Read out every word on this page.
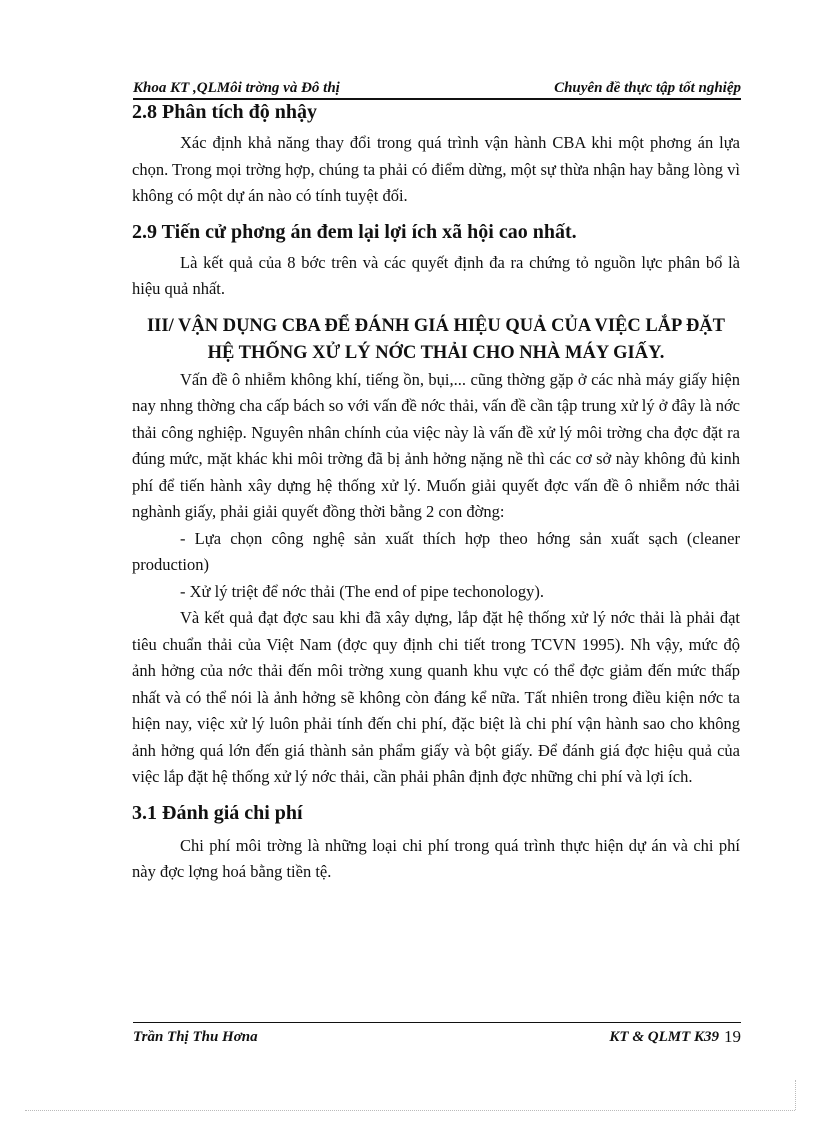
Khoa KT ,QLMôi trờng và Đô thị	Chuyên đề thực tập tốt nghiệp

2.8 Phân tích độ nhậy

Xác định khả năng thay đổi trong quá trình vận hành CBA khi một phơng án lựa chọn. Trong mọi trờng hợp, chúng ta phải có điểm dừng, một sự thừa nhận hay bằng lòng vì không có một dự án nào có tính tuyệt đối.

2.9 Tiến cử phơng án đem lại lợi ích xã hội cao nhất.

Là kết quả của 8 bớc trên và các quyết định đa ra chứng tỏ nguồn lực phân bổ là hiệu quả nhất.

III/ VẬN DỤNG CBA ĐỂ ĐÁNH GIÁ HIỆU QUẢ CỦA VIỆC LẮP ĐẶT

HỆ THỐNG XỬ LÝ NỚC THẢI CHO NHÀ MÁY GIẤY.

Vấn đề ô nhiễm không khí, tiếng ồn, bụi,... cũng thờng gặp ở các nhà máy giấy hiện nay nhng thờng cha cấp bách so với vấn đề nớc thải, vấn đề cần tập trung xử lý ở đây là nớc thải công nghiệp. Nguyên nhân chính của việc này là vấn đề xử lý môi trờng cha đợc đặt ra đúng mức, mặt khác khi môi trờng đã bị ảnh hởng nặng nề thì các cơ sở này không đủ kinh phí để tiến hành xây dựng hệ thống xử lý. Muốn giải quyết đợc vấn đề ô nhiễm nớc thải nghành giấy, phải giải quyết đồng thời bằng 2 con đờng:

- Lựa chọn công nghệ sản xuất thích hợp theo hớng sản xuất sạch (cleaner production)

- Xử lý triệt để nớc thải (The end of pipe techonology).

Và kết quả đạt đợc sau khi đã xây dựng, lắp đặt hệ thống xử lý nớc thải là phải đạt tiêu chuẩn thải của Việt Nam (đợc quy định chi tiết trong TCVN 1995). Nh vậy, mức độ ảnh hởng của nớc thải đến môi trờng xung quanh khu vực có thể đợc giảm đến mức thấp nhất và có thể nói là ảnh hởng sẽ không còn đáng kể nữa. Tất nhiên trong điều kiện nớc ta hiện nay, việc xử lý luôn phải tính đến chi phí, đặc biệt là chi phí vận hành sao cho không ảnh hởng quá lớn đến giá thành sản phẩm giấy và bột giấy. Để đánh giá đợc hiệu quả của việc lắp đặt hệ thống xử lý nớc thải, cần phải phân định đợc những chi phí và lợi ích.

3.1 Đánh giá chi phí

Chi phí môi trờng là những loại chi phí trong quá trình thực hiện dự án và chi phí này đợc lợng hoá bằng tiền tệ.

Trần Thị Thu Hơna	KT & QLMT K39 19
